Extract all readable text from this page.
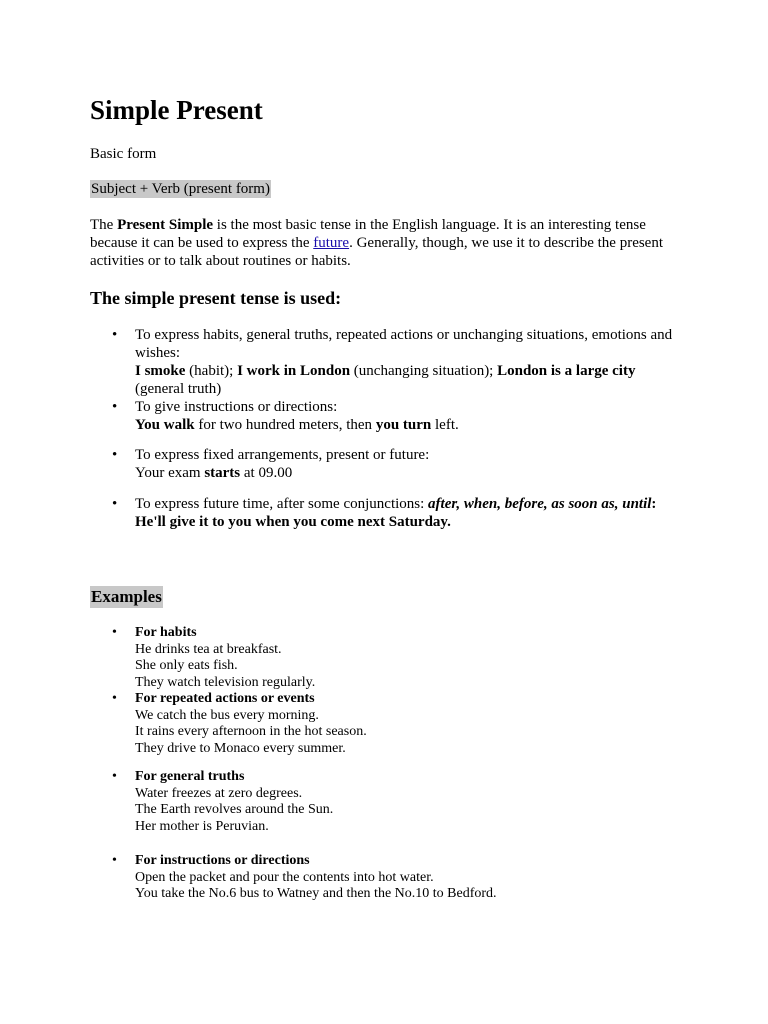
Simple Present
Basic form
Subject + Verb (present form)

The Present Simple is the most basic tense in the English language. It is an interesting tense because it can be used to express the future. Generally, though, we use it to describe the present activities or to talk about routines or habits.

The simple present tense is used:
• To express habits, general truths, repeated actions or unchanging situations, emotions and
wishes:
I smoke (habit); I work in London (unchanging situation); London is a large city
(general truth)
• To give instructions or directions:
You walk for two hundred meters, then you turn left.
• To express fixed arrangements, present or future:
Your exam starts at 09.00
• To express future time, after some conjunctions: after, when, before, as soon as, until:
He'll give it to you when you come next Saturday.
Examples
• For habits
He drinks tea at breakfast.
She only eats fish.
They watch television regularly.
• For repeated actions or events
We catch the bus every morning.
It rains every afternoon in the hot season.
They drive to Monaco every summer.
• For general truths
Water freezes at zero degrees.
The Earth revolves around the Sun.
Her mother is Peruvian.
• For instructions or directions
Open the packet and pour the contents into hot water.
You take the No.6 bus to Watney and then the No.10 to Bedford.
